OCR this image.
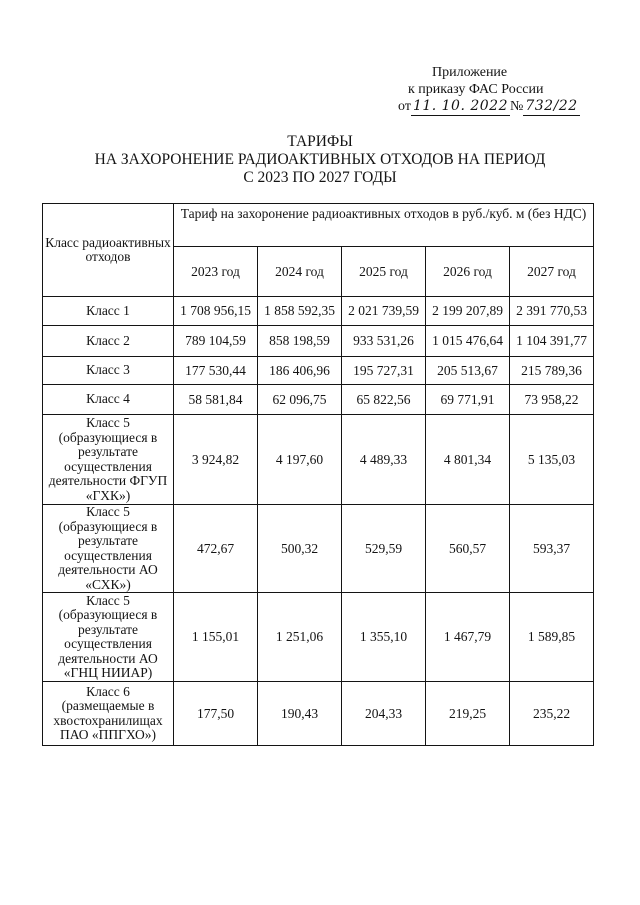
Приложение
к приказу ФАС России
от 11. 10. 2022 № 732/22
ТАРИФЫ
НА ЗАХОРОНЕНИЕ РАДИОАКТИВНЫХ ОТХОДОВ НА ПЕРИОД
С 2023 ПО 2027 ГОДЫ
Класс радиоактивных отходов	Тариф на захоронение радиоактивных отходов в руб./куб. м (без НДС)				
	2023 год	2024 год	2025 год	2026 год	2027 год
Класс 1	1 708 956,15	1 858 592,35	2 021 739,59	2 199 207,89	2 391 770,53
Класс 2	789 104,59	858 198,59	933 531,26	1 015 476,64	1 104 391,77
Класс 3	177 530,44	186 406,96	195 727,31	205 513,67	215 789,36
Класс 4	58 581,84	62 096,75	65 822,56	69 771,91	73 958,22
Класс 5 (образующиеся в результате осуществления деятельности ФГУП «ГХК»)	3 924,82	4 197,60	4 489,33	4 801,34	5 135,03
Класс 5 (образующиеся в результате осуществления деятельности АО «СХК»)	472,67	500,32	529,59	560,57	593,37
Класс 5 (образующиеся в результате осуществления деятельности АО «ГНЦ НИИАР)	1 155,01	1 251,06	1 355,10	1 467,79	1 589,85
Класс 6 (размещаемые в хвостохранилищах ПАО «ППГХО»)	177,50	190,43	204,33	219,25	235,22
